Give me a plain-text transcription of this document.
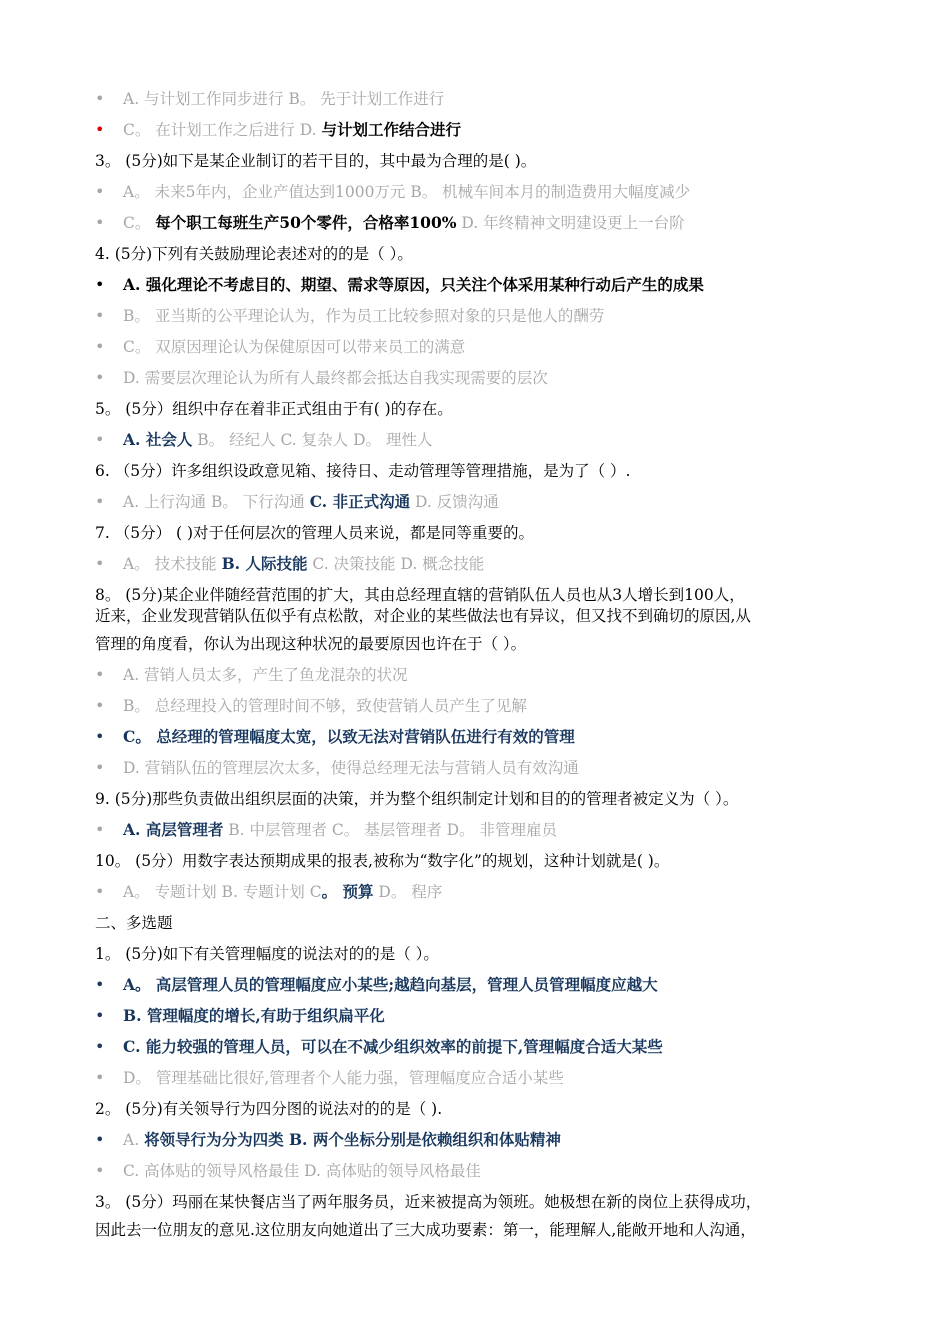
• A. 与计划工作同步进行 B。 先于计划工作进行
• C。 在计划工作之后进行 D. 与计划工作结合进行
3。 (5分)如下是某企业制订的若干目的，其中最为合理的是( )。
• A。 未来5年内，企业产值达到1000万元 B。 机械车间本月的制造费用大幅度减少
• C。 每个职工每班生产50个零件，合格率100% D. 年终精神文明建设更上一台阶
4. (5分)下列有关鼓励理论表述对的的是（ ）。
• A. 强化理论不考虑目的、期望、需求等原因，只关注个体采用某种行动后产生的成果
• B。 亚当斯的公平理论认为，作为员工比较参照对象的只是他人的酬劳
• C。 双原因理论认为保健原因可以带来员工的满意
• D. 需要层次理论认为所有人最终都会抵达自我实现需要的层次
5。 (5分）组织中存在着非正式组由于有( )的存在。
• A. 社会人 B。 经纪人 C. 复杂人 D。 理性人
6. （5分）许多组织设政意见箱、接待日、走动管理等管理措施，是为了（ ）.
• A. 上行沟通 B。 下行沟通 C. 非正式沟通 D. 反馈沟通
7. （5分） ( )对于任何层次的管理人员来说，都是同等重要的。
• A。 技术技能 B. 人际技能 C. 决策技能 D. 概念技能
8。 (5分)某企业伴随经营范围的扩大，其由总经理直辖的营销队伍人员也从3人增长到100人，
近来，企业发现营销队伍似乎有点松散，对企业的某些做法也有异议，但又找不到确切的原因,从
管理的角度看，你认为出现这种状况的最要原因也许在于（ ）。
• A. 营销人员太多，产生了鱼龙混杂的状况
• B。 总经理投入的管理时间不够，致使营销人员产生了见解
• C。 总经理的管理幅度太宽，以致无法对营销队伍进行有效的管理
• D. 营销队伍的管理层次太多，使得总经理无法与营销人员有效沟通
9. (5分)那些负责做出组织层面的决策，并为整个组织制定计划和目的的管理者被定义为（ ）。
• A. 高层管理者 B. 中层管理者 C。 基层管理者 D。 非管理雇员
10。 (5分）用数字表达预期成果的报表,被称为“数字化”的规划，这种计划就是( )。
• A。 专题计划 B. 专题计划 C。 预算 D。 程序
二、多选题
1。 (5分)如下有关管理幅度的说法对的的是（ ）。
• A。 高层管理人员的管理幅度应小某些;越趋向基层，管理人员管理幅度应越大
• B. 管理幅度的增长,有助于组织扁平化
• C. 能力较强的管理人员，可以在不减少组织效率的前提下,管理幅度合适大某些
• D。 管理基础比很好,管理者个人能力强，管理幅度应合适小某些
2。 (5分)有关领导行为四分图的说法对的的是（ ).
• A. 将领导行为分为四类 B. 两个坐标分别是依赖组织和体贴精神
• C. 高体贴的领导风格最佳 D. 高体贴的领导风格最佳
3。 (5分）玛丽在某快餐店当了两年服务员，近来被提高为领班。她极想在新的岗位上获得成功，
因此去一位朋友的意见.这位朋友向她道出了三大成功要素：第一，能理解人,能敞开地和人沟通，
